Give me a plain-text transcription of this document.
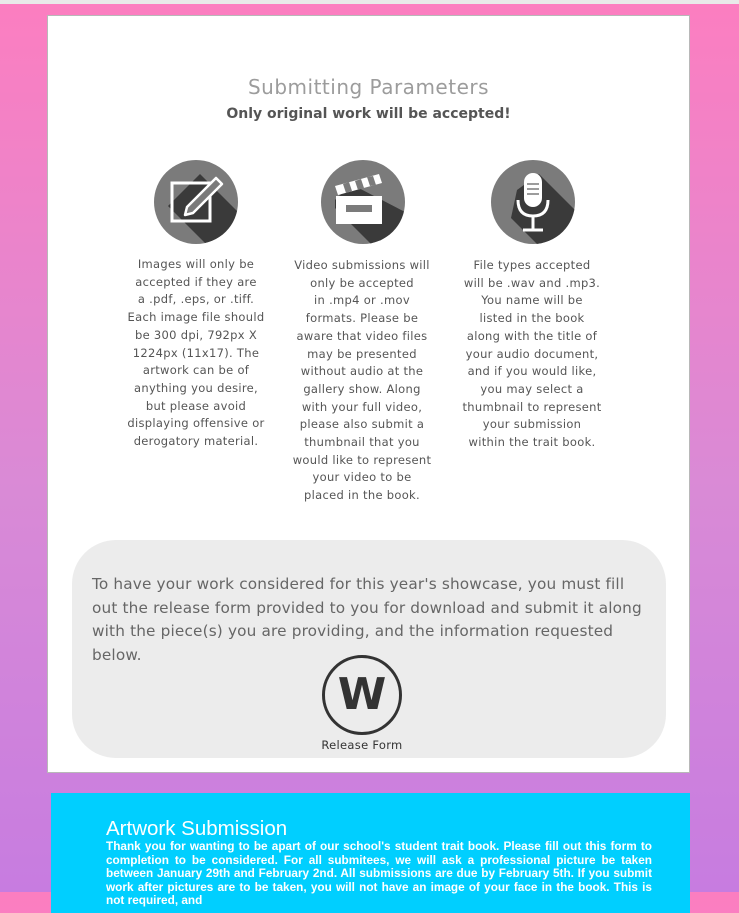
Submitting Parameters
Only original work will be accepted!
Images will only be
accepted if they are
a .pdf, .eps, or .tiff.
Each image file should
be 300 dpi, 792px X
1224px (11x17). The
artwork can be of
anything you desire,
but please avoid
displaying offensive or
derogatory material.
Video submissions will
only be accepted
in .mp4 or .mov
formats. Please be
aware that video files
may be presented
without audio at the
gallery show. Along
with your full video,
please also submit a
thumbnail that you
would like to represent
your video to be
placed in the book.
File types accepted
will be .wav and .mp3.
You name will be
listed in the book
along with the title of
your audio document,
and if you would like,
you may select a
thumbnail to represent
your submission
within the trait book.
To have your work considered for this year's showcase, you must fill out the release form provided to you for download and submit it along with the piece(s) you are providing, and the information requested below.
W
Release Form
Artwork Submission
Thank you for wanting to be apart of our school's student trait book. Please fill out this form to completion to be considered. For all submitees, we will ask a professional picture be taken between January 29th and February 2nd. All submissions are due by February 5th. If you submit work after pictures are to be taken, you will not have an image of your face in the book. This is not required, and
